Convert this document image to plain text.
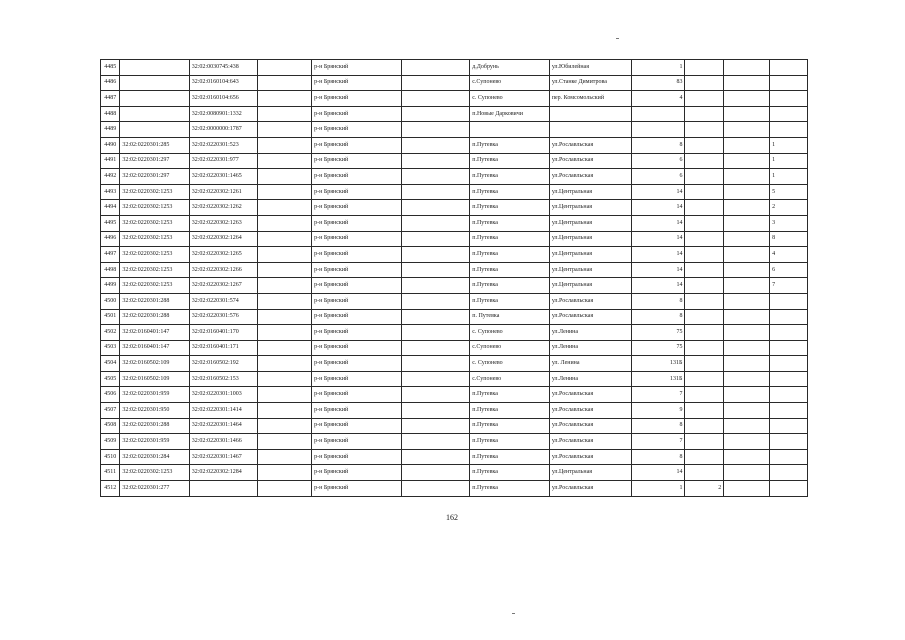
4485		32:02:0030745:438		р-н Брянский		д.Добрунь	ул.Юбилейная	1			
4486		32:02:0160104:643		р-н Брянский		с.Супонево	ул.Станке Димитрова	83			
4487		32:02:0160104:656		р-н Брянский		с. Супонево	пер. Комсомольский	4			
4488		32:02:0080901:1332		р-н Брянский		п.Новые Дарковичи					
4489		32:02:0000000:1787		р-н Брянский							
4490	32:02:0220301:285	32:02:0220301:523		р-н Брянский		п.Путевка	ул.Рославльская	8			1
4491	32:02:0220301:297	32:02:0220301:977		р-н Брянский		п.Путевка	ул.Рославльская	6			1
4492	32:02:0220301:297	32:02:0220301:1465		р-н Брянский		п.Путевка	ул.Рославльская	6			1
4493	32:02:0220302:1253	32:02:0220302:1261		р-н Брянский		п.Путевка	ул.Центральная	14			5
4494	32:02:0220302:1253	32:02:0220302:1262		р-н Брянский		п.Путевка	ул.Центральная	14			2
4495	32:02:0220302:1253	32:02:0220302:1263		р-н Брянский		п.Путевка	ул.Центральная	14			3
4496	32:02:0220302:1253	32:02:0220302:1264		р-н Брянский		п.Путевка	ул.Центральная	14			8
4497	32:02:0220302:1253	32:02:0220302:1265		р-н Брянский		п.Путевка	ул.Центральная	14			4
4498	32:02:0220302:1253	32:02:0220302:1266		р-н Брянский		п.Путевка	ул.Центральная	14			6
4499	32:02:0220302:1253	32:02:0220302:1267		р-н Брянский		п.Путевка	ул.Центральная	14			7
4500	32:02:0220301:288	32:02:0220301:574		р-н Брянский		п.Путевка	ул.Рославльская	8			
4501	32:02:0220301:288	32:02:0220301:576		р-н Брянский		п. Путевка	ул.Рославльская	8			
4502	32:02:0160401:147	32:02:0160401:170		р-н Брянский		с. Супонево	ул.Ленина	75			
4503	32:02:0160401:147	32:02:0160401:171		р-н Брянский		с.Супонево	ул.Ленина	75			
4504	32:02:0160502:109	32:02:0160502:192		р-н Брянский		с. Супонево	ул. Ленина	131Б			
4505	32:02:0160502:109	32:02:0160502:153		р-н Брянский		с.Супонево	ул.Ленина	131Б			
4506	32:02:0220301:959	32:02:0220301:1003		р-н Брянский		п.Путевка	ул.Рославльская	7			
4507	32:02:0220301:950	32:02:0220301:1414		р-н Брянский		п.Путевка	ул.Рославльская	9			
4508	32:02:0220301:288	32:02:0220301:1464		р-н Брянский		п.Путевка	ул.Рославльская	8			
4509	32:02:0220301:959	32:02:0220301:1466		р-н Брянский		п.Путевка	ул.Рославльская	7			
4510	32:02:0220301:284	32:02:0220301:1467		р-н Брянский		п.Путевка	ул.Рославльская	8			
4511	32:02:0220302:1253	32:02:0220302:1284		р-н Брянский		п.Путевка	ул.Центральная	14			
4512	32:02:0220301:277			р-н Брянский		п.Путевка	ул.Рославльская	1	2		
162
